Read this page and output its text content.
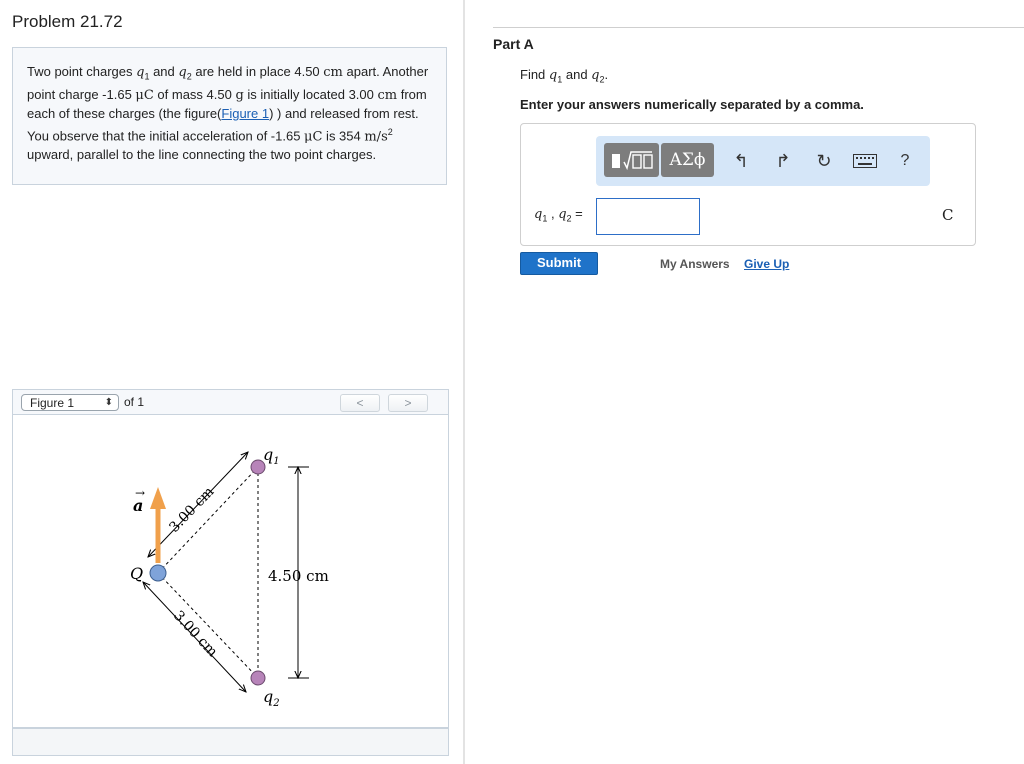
Problem 21.72
Two point charges $q_1$ and $q_2$ are held in place 4.50 cm apart. Another point charge -1.65 μC of mass 4.50 g is initially located 3.00 cm from each of these charges (the figure(Figure 1) ) and released from rest. You observe that the initial acceleration of -1.65 μC is 354 $m/s^2$ upward, parallel to the line connecting the two point charges.
Figure 1	⬍ of 1	<	>
$q_1$
$q_2$
Q
a
→
4.50 cm
3.00 cm
3.00 cm
Part A
Find $q_1$ and $q_2$.
Enter your answers numerically separated by a comma.
ΑΣϕ	↰	↱	↻	?
$q_1$ , $q_2$ =	C
Submit	My Answers Give Up
